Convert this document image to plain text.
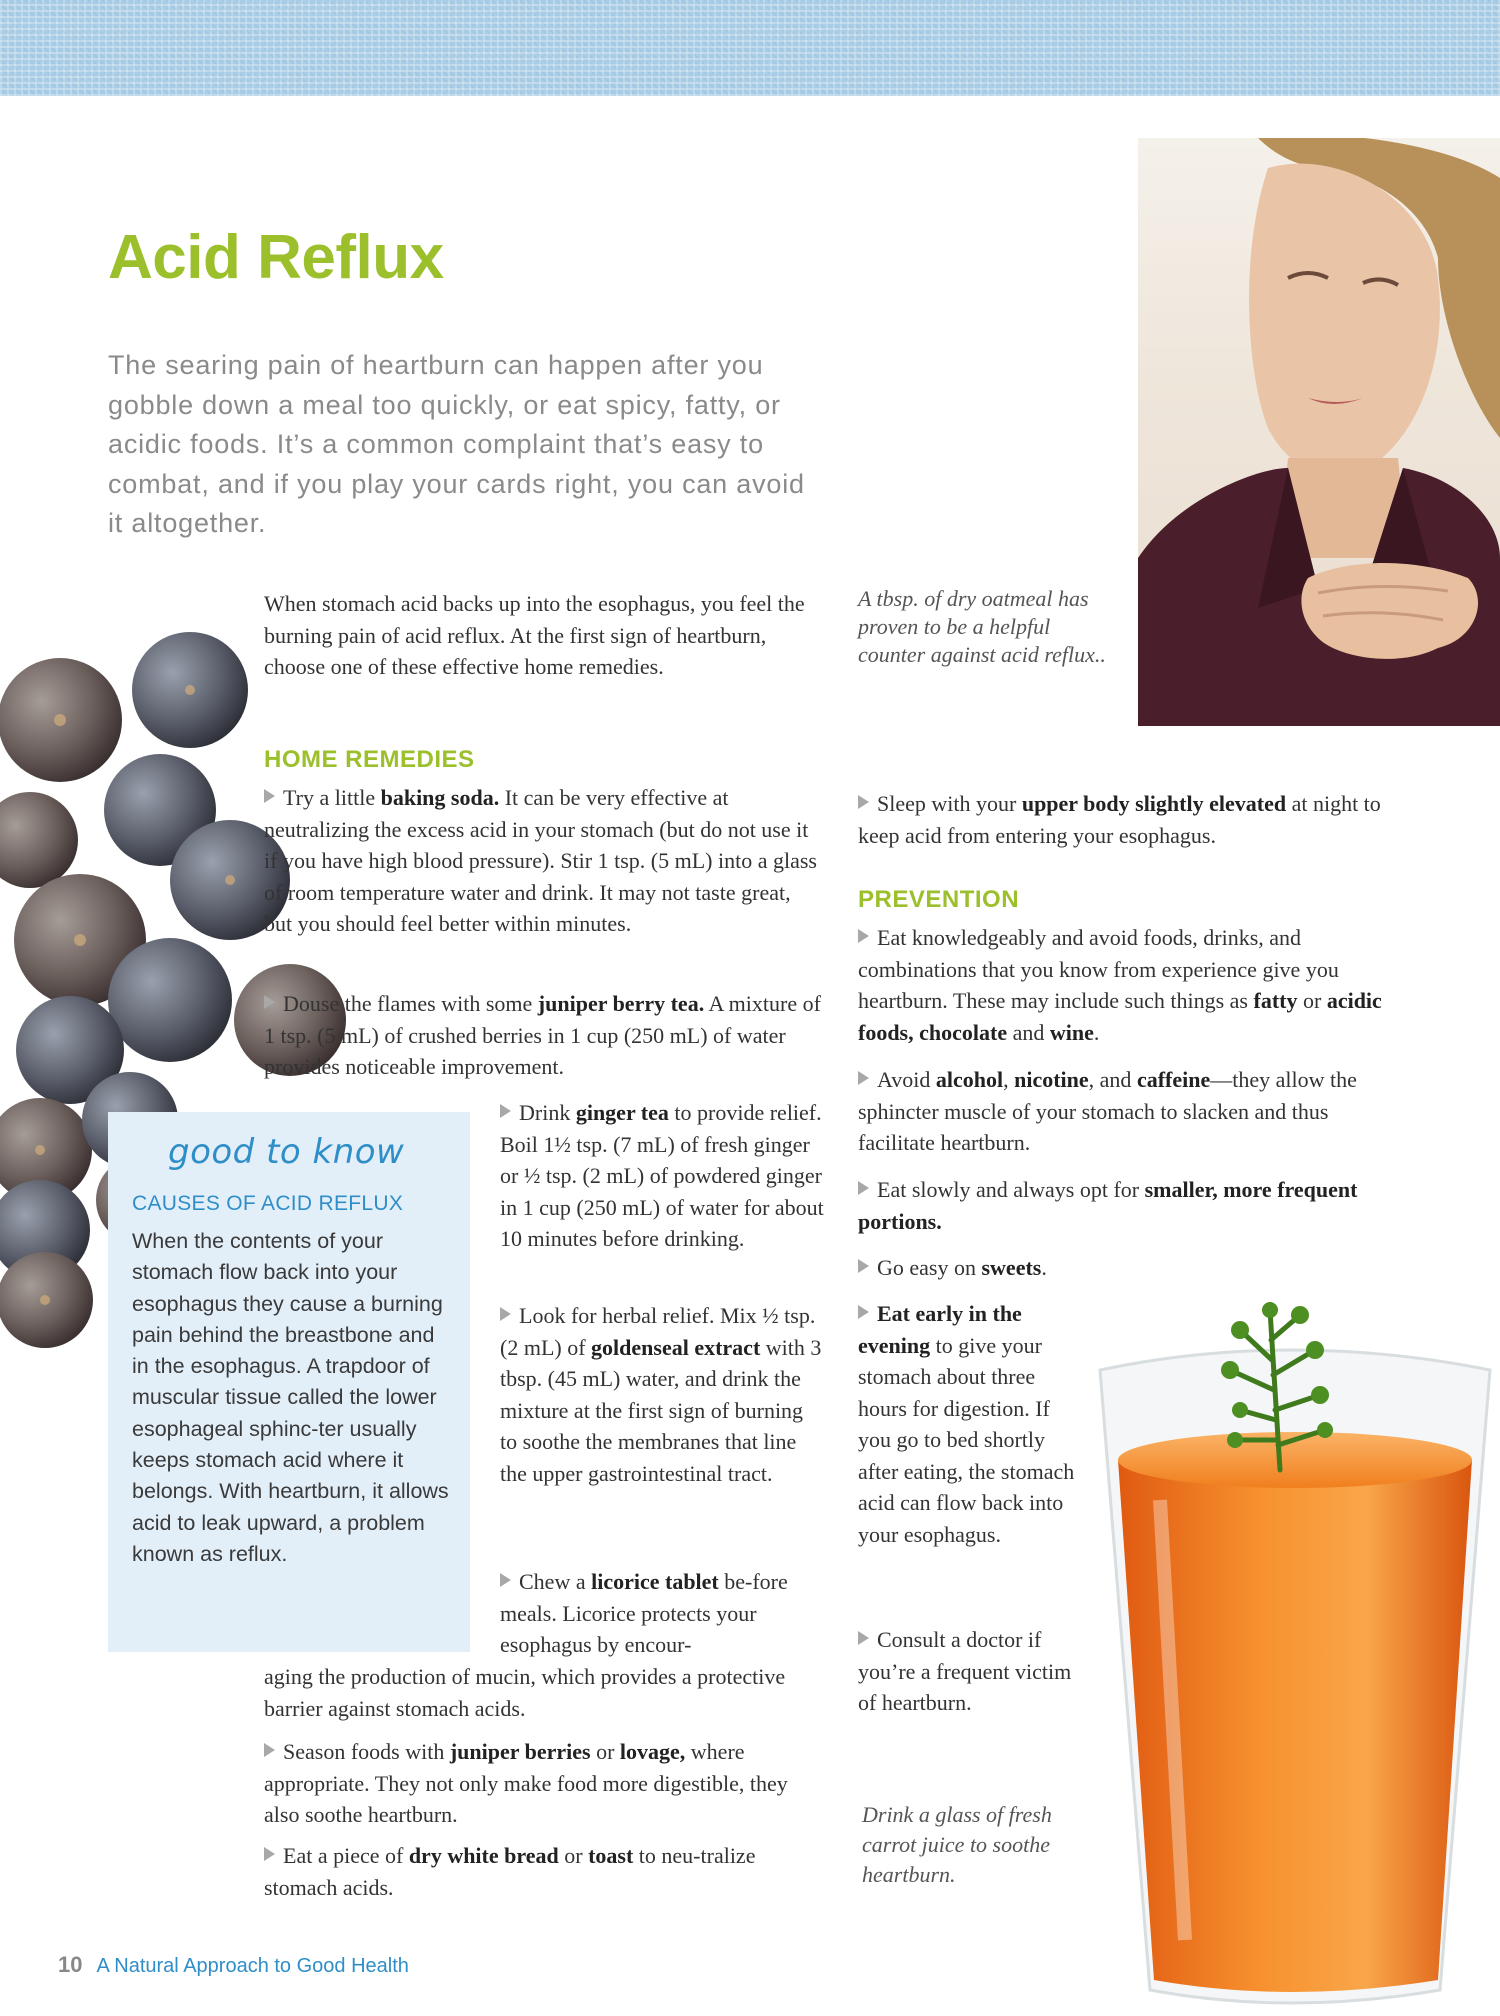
Acid Reflux

The searing pain of heartburn can happen after you gobble down a meal too quickly, or eat spicy, fatty, or acidic foods. It’s a common complaint that’s easy to combat, and if you play your cards right, you can avoid it altogether.

A tbsp. of dry oatmeal has proven to be a helpful counter against acid reflux..

When stomach acid backs up into the esophagus, you feel the burning pain of acid reflux. At the first sign of heartburn, choose one of these effective home remedies.

HOME REMEDIES

Try a little baking soda. It can be very effective at neutralizing the excess acid in your stomach (but do not use it if you have high blood pressure). Stir 1 tsp. (5 mL) into a glass of room temperature water and drink. It may not taste great, but you should feel better within minutes.

Douse the flames with some juniper berry tea. A mixture of 1 tsp. (5 mL) of crushed berries in 1 cup (250 mL) of water provides noticeable improvement.

good to know
CAUSES OF ACID REFLUX

When the contents of your stomach flow back into your esophagus they cause a burning pain behind the breastbone and in the esophagus. A trapdoor of muscular tissue called the lower esophageal sphinc-ter usually keeps stomach acid where it belongs. With heartburn, it allows acid to leak upward, a problem known as reflux.

Drink ginger tea to provide relief. Boil 1½ tsp. (7 mL) of fresh ginger or ½ tsp. (2 mL) of powdered ginger in 1 cup (250 mL) of water for about 10 minutes before drinking.

Look for herbal relief. Mix ½ tsp. (2 mL) of goldenseal extract with 3 tbsp. (45 mL) water, and drink the mixture at the first sign of burning to soothe the membranes that line the upper gastrointestinal tract.

Chew a licorice tablet be-fore meals. Licorice protects your esophagus by encour-

aging the production of mucin, which provides a protective barrier against stomach acids.

Season foods with juniper berries or lovage, where appropriate. They not only make food more digestible, they also soothe heartburn.

Eat a piece of dry white bread or toast to neu-tralize stomach acids.

Sleep with your upper body slightly elevated at night to keep acid from entering your esophagus.

PREVENTION

Eat knowledgeably and avoid foods, drinks, and combinations that you know from experience give you heartburn. These may include such things as fatty or acidic foods, chocolate and wine.

Avoid alcohol, nicotine, and caffeine—they allow the sphincter muscle of your stomach to slacken and thus facilitate heartburn.

Eat slowly and always opt for smaller, more frequent portions.

Go easy on sweets.

Eat early in the evening to give your stomach about three hours for digestion. If you go to bed shortly after eating, the stomach acid can flow back into your esophagus.

Consult a doctor if you’re a frequent victim of heartburn.

Drink a glass of fresh carrot juice to soothe heartburn.

10 A Natural Approach to Good Health
